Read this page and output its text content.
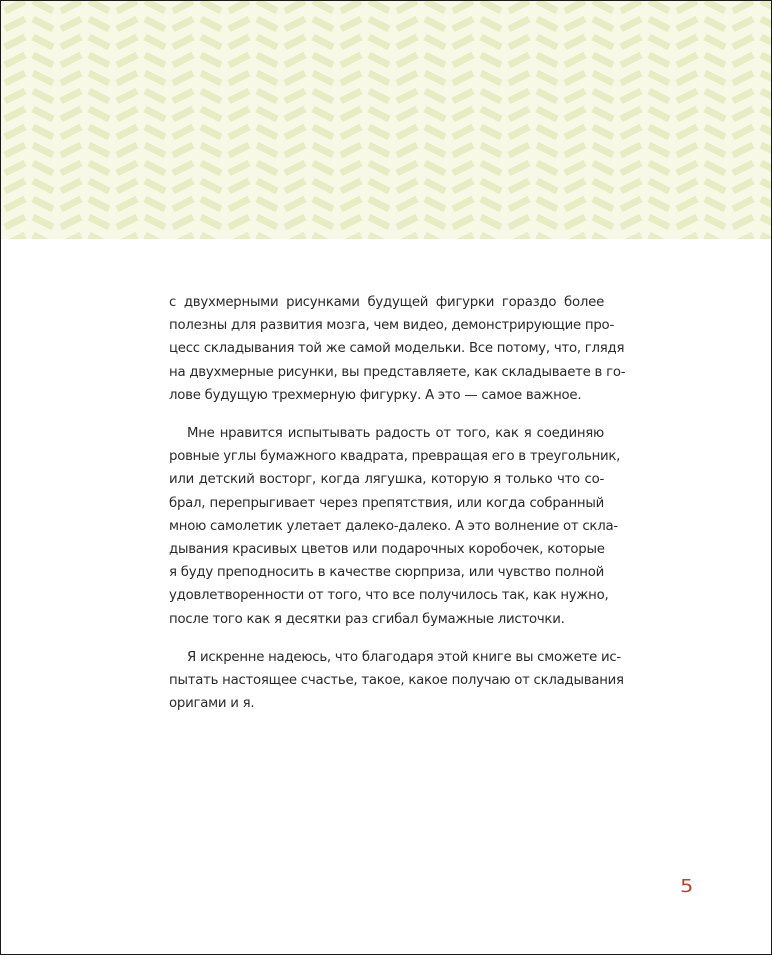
с двухмерными рисунками будущей фигурки гораздо более
полезны для развития мозга, чем видео, демонстрирующие про-
цесс складывания той же самой модельки. Все потому, что, глядя
на двухмерные рисунки, вы представляете, как складываете в го-
лове будущую трехмерную фигурку. А это — самое важное.

Мне нравится испытывать радость от того, как я соединяю
ровные углы бумажного квадрата, превращая его в треугольник,
или детский восторг, когда лягушка, которую я только что со-
брал, перепрыгивает через препятствия, или когда собранный
мною самолетик улетает далеко-далеко. А это волнение от скла-
дывания красивых цветов или подарочных коробочек, которые
я буду преподносить в качестве сюрприза, или чувство полной
удовлетворенности от того, что все получилось так, как нужно,
после того как я десятки раз сгибал бумажные листочки.

Я искренне надеюсь, что благодаря этой книге вы сможете ис-
пытать настоящее счастье, такое, какое получаю от складывания
оригами и я.

5
